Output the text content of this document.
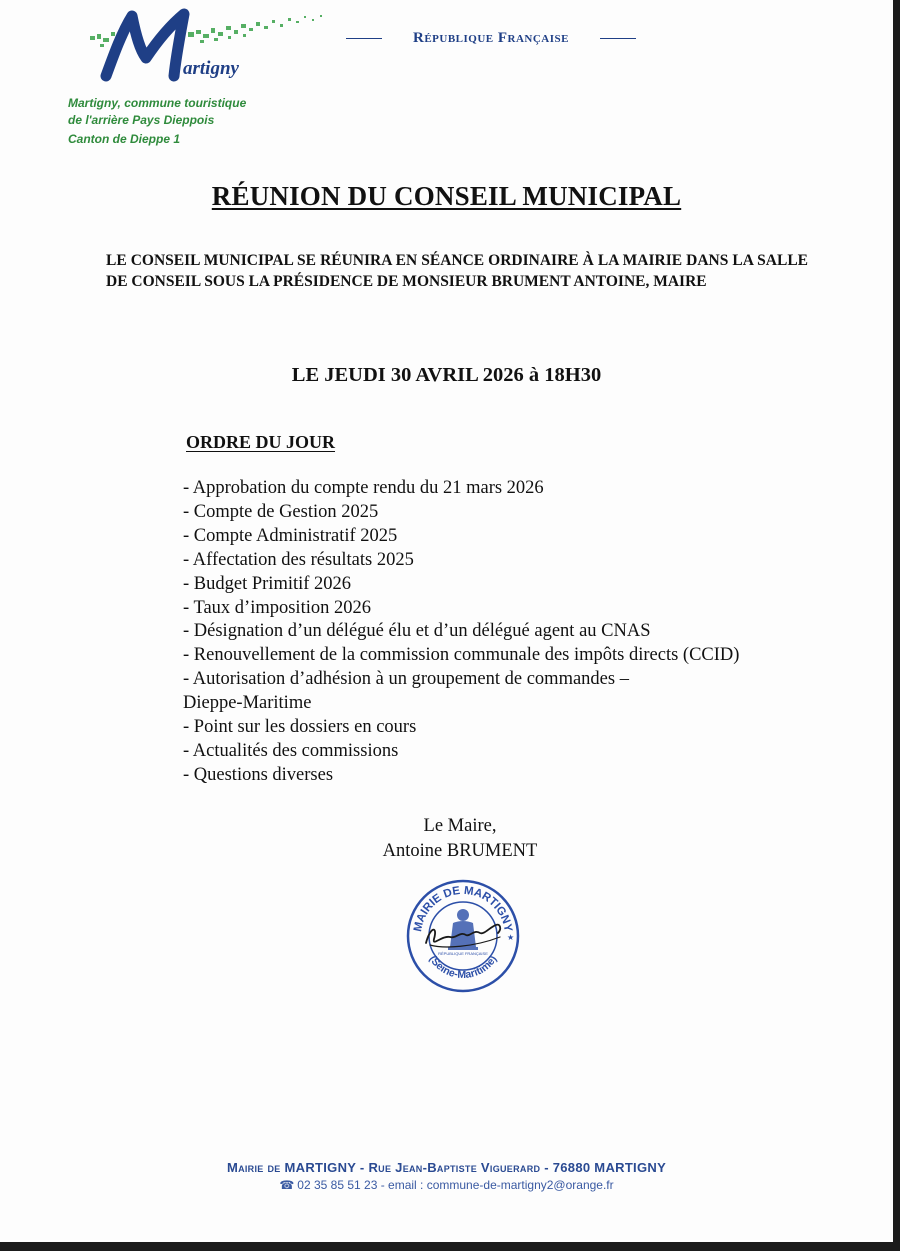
artigny
République Française
Martigny, commune touristique
de l'arrière Pays Dieppois
Canton de Dieppe 1
RÉUNION DU CONSEIL MUNICIPAL
LE CONSEIL MUNICIPAL SE RÉUNIRA EN SÉANCE ORDINAIRE À LA MAIRIE DANS LA SALLE DE CONSEIL SOUS LA PRÉSIDENCE DE MONSIEUR BRUMENT ANTOINE, MAIRE
LE JEUDI 30 AVRIL 2026 à 18H30
ORDRE DU JOUR
- Approbation du compte rendu du 21 mars 2026
- Compte de Gestion 2025
- Compte Administratif 2025
- Affectation des résultats 2025
- Budget Primitif 2026
- Taux d’imposition 2026
- Désignation d’un délégué élu et d’un délégué agent au CNAS
- Renouvellement de la commission communale des impôts directs (CCID)
- Autorisation d’adhésion à un groupement de commandes –
Dieppe-Maritime
- Point sur les dossiers en cours
- Actualités des commissions
- Questions diverses
Le Maire,
Antoine BRUMENT
MAIRIE DE MARTIGNY
(Seine-Maritime)
RÉPUBLIQUE FRANÇAISE
★
Mairie de MARTIGNY - Rue Jean-Baptiste Viguerard - 76880 MARTIGNY
☎ 02 35 85 51 23 - email : commune-de-martigny2@orange.fr
